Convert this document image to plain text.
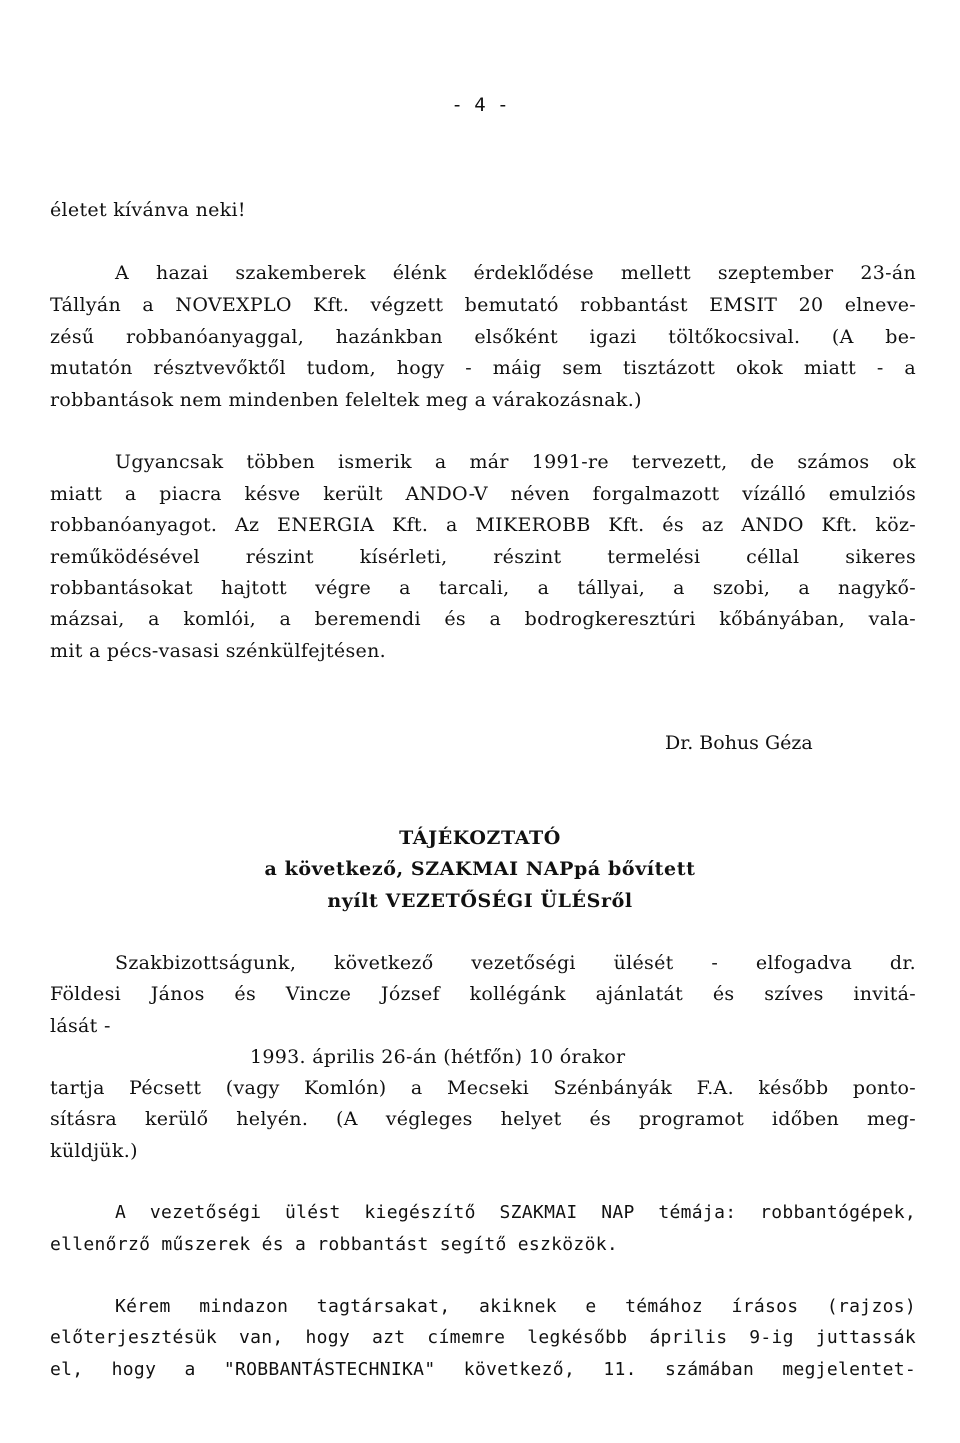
- 4 -
életet kívánva neki!
A hazai szakemberek élénk érdeklődése mellett szeptember 23-án
Tállyán a NOVEXPLO Kft. végzett bemutató robbantást EMSIT 20 elneve-
zésű robbanóanyaggal, hazánkban elsőként igazi töltőkocsival. (A be-
mutatón résztvevőktől tudom, hogy - máig sem tisztázott okok miatt - a
robbantások nem mindenben feleltek meg a várakozásnak.)
Ugyancsak többen ismerik a már 1991-re tervezett, de számos ok
miatt a piacra késve került ANDO-V néven forgalmazott vízálló emulziós
robbanóanyagot. Az ENERGIA Kft. a MIKEROBB Kft. és az ANDO Kft. köz-
reműködésével részint kísérleti, részint termelési céllal sikeres
robbantásokat hajtott végre a tarcali, a tállyai, a szobi, a nagykő-
mázsai, a komlói, a beremendi és a bodrogkeresztúri kőbányában, vala-
mit a pécs-vasasi szénkülfejtésen.
Dr. Bohus Géza
TÁJÉKOZTATÓ
a következő, SZAKMAI NAPpá bővített
nyílt VEZETŐSÉGI ÜLÉSről
Szakbizottságunk, következő vezetőségi ülését - elfogadva dr.
Földesi János és Vincze József kollégánk ajánlatát és szíves invitá-
lását -
1993. április 26-án (hétfőn) 10 órakor
tartja Pécsett (vagy Komlón) a Mecseki Szénbányák F.A. később ponto-
sításra kerülő helyén. (A végleges helyet és programot időben meg-
küldjük.)
A vezetőségi ülést kiegészítő SZAKMAI NAP témája: robbantógépek,
ellenőrző műszerek és a robbantást segítő eszközök.
Kérem mindazon tagtársakat, akiknek e témához írásos (rajzos)
előterjesztésük van, hogy azt címemre legkésőbb április 9-ig juttassák
el, hogy a "ROBBANTÁSTECHNIKA" következő, 11. számában megjelentet-
